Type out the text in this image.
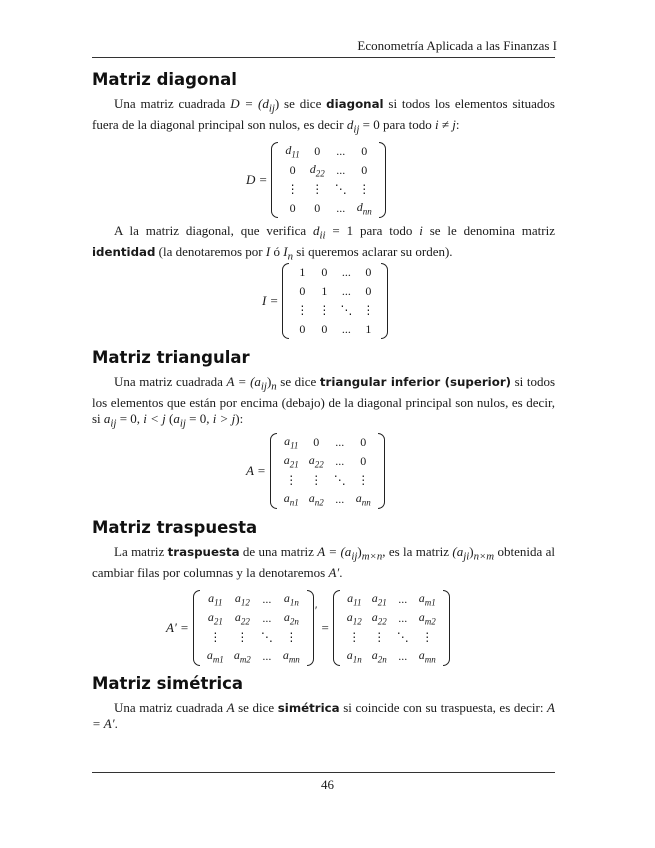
Econometría Aplicada a las Finanzas I
Matriz diagonal

Una matriz cuadrada $D = (d_{ij})$ se dice diagonal si todos los elementos situados fuera de la diagonal principal son nulos, es decir $d_{ij} = 0$ para todo i ≠ j:

D =
$d_{11}$	0	...	0
0	$d_{22}$	...	0
⋮	⋮	⋱	⋮
0	0	...	$d_{nn}$

A la matriz diagonal, que verifica $d_{ii} = 1$ para todo i se le denomina matriz identidad (la denotaremos por I ó $I_n$ si queremos aclarar su orden).

I =
1	0	...	0
0	1	...	0
⋮	⋮	⋱	⋮
0	0	...	1
Matriz triangular

Una matriz cuadrada $A = (a_{ij})_n$ se dice triangular inferior (superior) si todos los elementos que están por encima (debajo) de la diagonal principal son nulos, es decir, si $a_{ij} = 0$, i < j ($a_{ij} = 0$, i > j):

A =
$a_{11}$	0	...	0
$a_{21}$	$a_{22}$	...	0
⋮	⋮	⋱	⋮
$a_{n1}$	$a_{n2}$	...	$a_{nn}$
Matriz traspuesta

La matriz traspuesta de una matriz $A = (a_{ij})_{m\times n}$, es la matriz $(a_{ji})_{n\times m}$ obtenida al cambiar filas por columnas y la denotaremos A′.

A′ =
$a_{11}$	$a_{12}$	...	$a_{1n}$
$a_{21}$	$a_{22}$	...	$a_{2n}$
⋮	⋮	⋱	⋮
$a_{m1}$	$a_{m2}$	...	$a_{mn}$
′
=
$a_{11}$	$a_{21}$	...	$a_{m1}$
$a_{12}$	$a_{22}$	...	$a_{m2}$
⋮	⋮	⋱	⋮
$a_{1n}$	$a_{2n}$	...	$a_{mn}$
Matriz simétrica

Una matriz cuadrada A se dice simétrica si coincide con su traspuesta, es decir: A = A′.

46
